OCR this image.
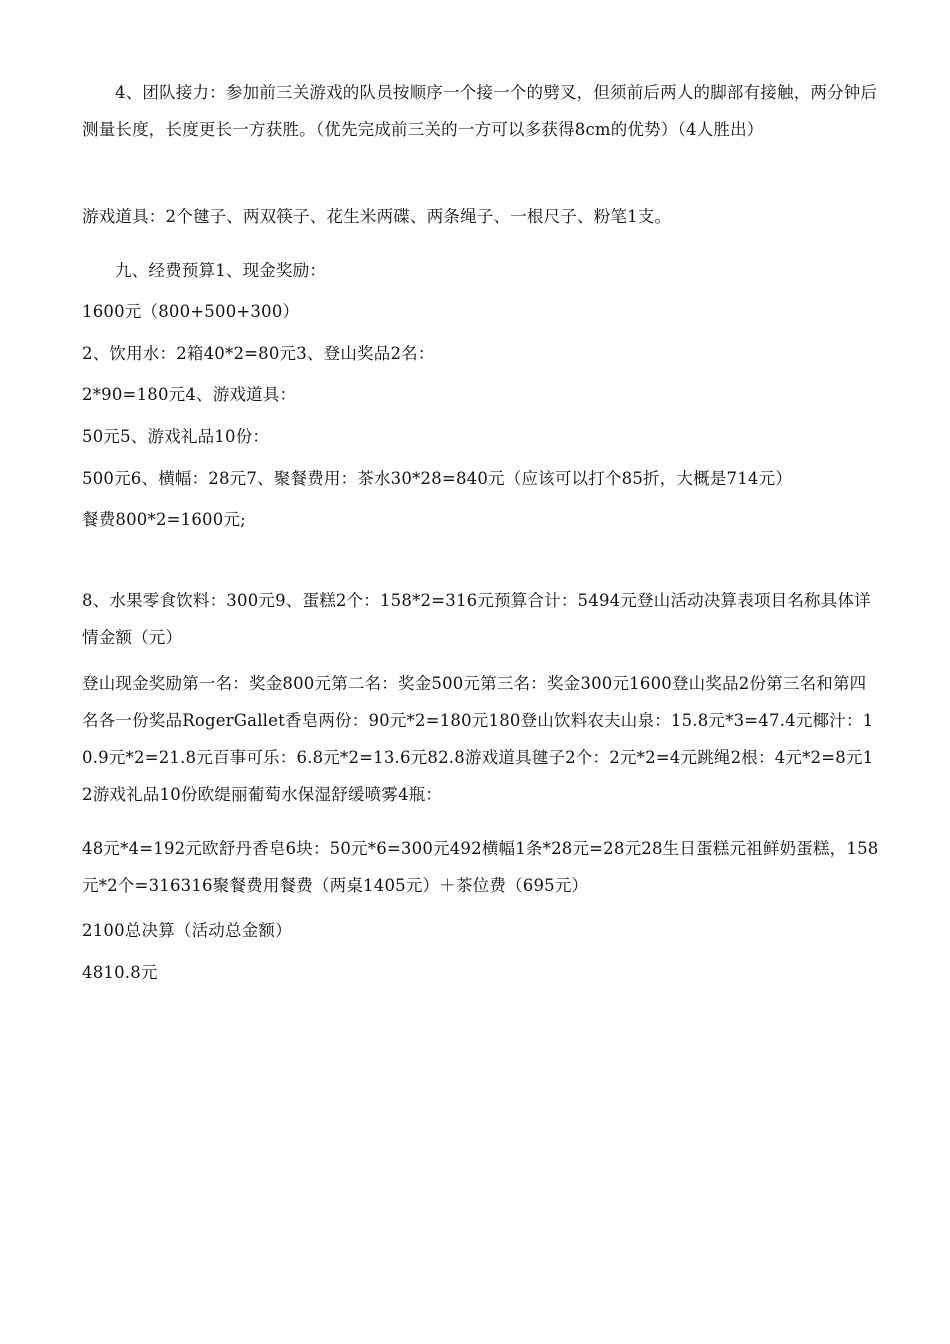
4、团队接力：参加前三关游戏的队员按顺序一个接一个的劈叉，但须前后两人的脚部有接触，两分钟后测量长度，长度更长一方获胜。（优先完成前三关的一方可以多获得8cm的优势）（4人胜出）

游戏道具：2个毽子、两双筷子、花生米两碟、两条绳子、一根尺子、粉笔1支。

九、经费预算1、现金奖励：

1600元（800+500+300）

2、饮用水：2箱40*2=80元3、登山奖品2名：

2*90=180元4、游戏道具：

50元5、游戏礼品10份：

500元6、横幅：28元7、聚餐费用：茶水30*28=840元（应该可以打个85折，大概是714元）

餐费800*2=1600元;

8、水果零食饮料：300元9、蛋糕2个：158*2=316元预算合计：5494元登山活动决算表项目名称具体详情金额（元）

登山现金奖励第一名：奖金800元第二名：奖金500元第三名：奖金300元1600登山奖品2份第三名和第四名各一份奖品RogerGallet香皂两份：90元*2=180元180登山饮料农夫山泉：15.8元*3=47.4元椰汁：10.9元*2=21.8元百事可乐：6.8元*2=13.6元82.8游戏道具毽子2个：2元*2=4元跳绳2根：4元*2=8元12游戏礼品10份欧缇丽葡萄水保湿舒缓喷雾4瓶：

48元*4=192元欧舒丹香皂6块：50元*6=300元492横幅1条*28元=28元28生日蛋糕元祖鲜奶蛋糕，158元*2个=316316聚餐费用餐费（两桌1405元）＋茶位费（695元）

2100总决算（活动总金额）

4810.8元
